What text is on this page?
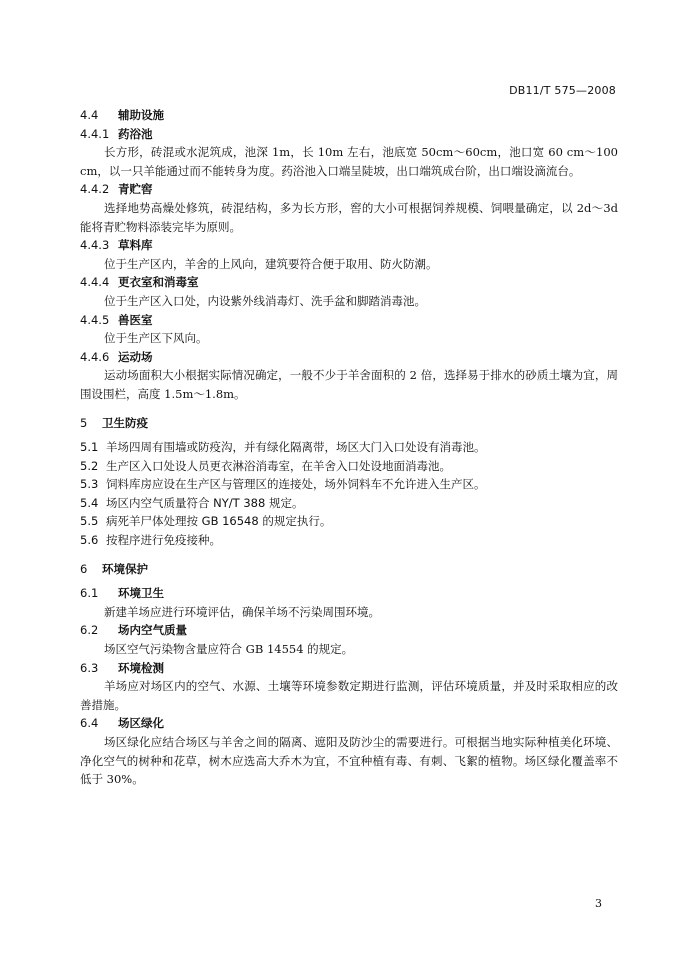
DB11/T 575—2008
4.4 辅助设施
4.4.1 药浴池
长方形，砖混或水泥筑成，池深 1m，长 10m 左右，池底宽 50cm～60cm，池口宽 60 cm～100 cm，以一只羊能通过而不能转身为度。药浴池入口端呈陡坡，出口端筑成台阶，出口端设滴流台。
4.4.2 青贮窖
选择地势高燥处修筑，砖混结构，多为长方形，窖的大小可根据饲养规模、饲喂量确定，以 2d～3d 能将青贮物料添装完毕为原则。
4.4.3 草料库
位于生产区内，羊舍的上风向，建筑要符合便于取用、防火防潮。
4.4.4 更衣室和消毒室
位于生产区入口处，内设紫外线消毒灯、洗手盆和脚踏消毒池。
4.4.5 兽医室
位于生产区下风向。
4.4.6 运动场
运动场面积大小根据实际情况确定，一般不少于羊舍面积的 2 倍，选择易于排水的砂质土壤为宜，周围设围栏，高度 1.5m～1.8m。
5 卫生防疫
5.1 羊场四周有围墙或防疫沟，并有绿化隔离带，场区大门入口处设有消毒池。
5.2 生产区入口处设人员更衣淋浴消毒室，在羊舍入口处设地面消毒池。
5.3 饲料库房应设在生产区与管理区的连接处，场外饲料车不允许进入生产区。
5.4 场区内空气质量符合 NY/T 388 规定。
5.5 病死羊尸体处理按 GB 16548 的规定执行。
5.6 按程序进行免疫接种。
6 环境保护
6.1 环境卫生
新建羊场应进行环境评估，确保羊场不污染周围环境。
6.2 场内空气质量
场区空气污染物含量应符合 GB 14554 的规定。
6.3 环境检测
羊场应对场区内的空气、水源、土壤等环境参数定期进行监测，评估环境质量，并及时采取相应的改善措施。
6.4 场区绿化
场区绿化应结合场区与羊舍之间的隔离、遮阳及防沙尘的需要进行。可根据当地实际种植美化环境、净化空气的树种和花草，树木应选高大乔木为宜，不宜种植有毒、有刺、飞絮的植物。场区绿化覆盖率不低于 30%。
3
